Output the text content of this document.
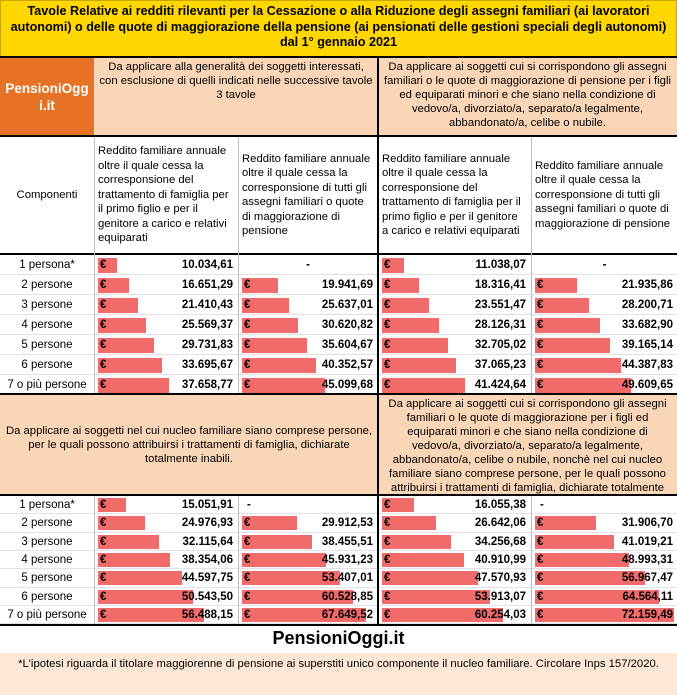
Tavole Relative ai redditi rilevanti per la Cessazione o alla Riduzione degli assegni familiari (ai lavoratori autonomi) o delle quote di maggiorazione della pensione (ai pensionati delle gestioni speciali degli autonomi) dal 1° gennaio 2021
PensioniOggi.it
Da applicare alla generalità dei soggetti interessati, con esclusione di quelli indicati nelle successive tavole 3 tavole
Da applicare ai soggetti cui si corrispondono gli assegni familiari o le quote di maggiorazione di pensione per i figli ed equiparati minori e che siano nella condizione di vedovo/a, divorziato/a, separato/a legalmente, abbandonato/a, celibe o nubile.
Componenti
Reddito familiare annuale oltre il quale cessa la corresponsione del trattamento di famiglia per il primo figlio e per il genitore a carico e relativi equiparati
Reddito familiare annuale oltre il quale cessa la corresponsione di tutti gli assegni familiari o quote di maggiorazione di pensione
Reddito familiare annuale oltre il quale cessa la corresponsione del trattamento di famiglia per il primo figlio e per il genitore a carico e relativi equiparati
Reddito familiare annuale oltre il quale cessa la corresponsione di tutti gli assegni familiari o quote di maggiorazione di pensione
1 persona*	€	10.034,61	-	€	11.038,07	-
2 persone	€	16.651,29 €	19.941,69 €	18.316,41 €	21.935,86
3 persone	€	21.410,43 €	25.637,01 €	23.551,47 €	28.200,71
4 persone	€	25.569,37 €	30.620,82 €	28.126,31 €	33.682,90
5 persone	€	29.731,83 €	35.604,67 €	32.705,02 €	39.165,14
6 persone	€	33.695,67 €	40.352,57 €	37.065,23 €	44.387,83
7 o più persone	€	37.658,77 €	45.099,68 €	41.424,64 €	49.609,65
Da applicare ai soggetti nel cui nucleo familiare siano comprese persone, per le quali possono attribuirsi i trattamenti di famiglia, dichiarate totalmente inabili.
Da applicare ai soggetti cui si corrispondono gli assegni familiari o le quote di maggiorazione per i figli ed equiparati minori e che siano nella condizione di vedovo/a, divorziato/a, separato/a legalmente, abbandonato/a, celibe o nubile, nonchè nel cui nucleo familiare siano comprese persone, per le quali possono attribuirsi i trattamenti di famiglia, dichiarate totalmente
1 persona*	€	15.051,91 -	€	16.055,38 -
2 persone	€	24.976,93 €	29.912,53 €	26.642,06 €	31.906,70
3 persone	€	32.115,64 €	38.455,51 €	34.256,68 €	41.019,21
4 persone	€	38.354,06 €	45.931,23 €	40.910,99 €	48.993,31
5 persone	€	44.597,75 €	53.407,01 €	47.570,93 €	56.967,47
6 persone	€	50.543,50 €	60.528,85 €	53.913,07 €	64.564,11
7 o più persone	€	56.488,15 €	67.649,52 €	60.254,03 €	72.159,49
PensioniOggi.it
*L'ipotesi riguarda il titolare maggiorenne di pensione ai superstiti unico componente il nucleo familiare. Circolare Inps 157/2020.
